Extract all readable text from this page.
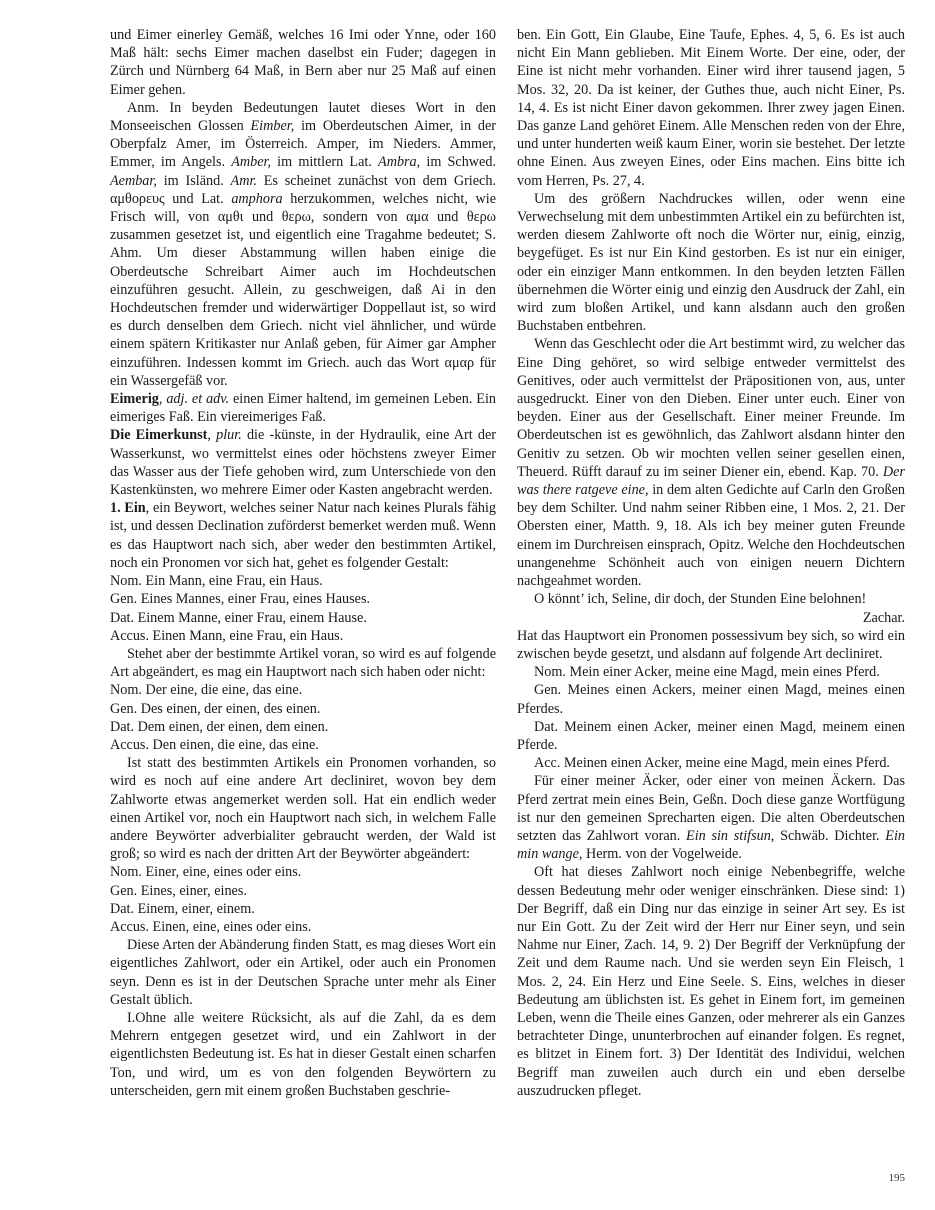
und Eimer einerley Gemäß, welches 16 Imi oder Ynne, oder 160 Maß hält: sechs Eimer machen daselbst ein Fuder; dagegen in Zürch und Nürnberg 64 Maß, in Bern aber nur 25 Maß auf einen Eimer gehen.

Anm. In beyden Bedeutungen lautet dieses Wort in den Monseeischen Glossen Eimber, im Oberdeutschen Aimer, in der Oberpfalz Amer, im Österreich. Amper, im Nieders. Ammer, Emmer, im Angels. Amber, im mittlern Lat. Ambra, im Schwed. Aembar, im Isländ. Amr. Es scheinet zunächst von dem Griech. αμθορευς und Lat. amphora herzukommen, welches nicht, wie Frisch will, von αμθι und θερω, sondern von αμα und θερω zusammen gesetzet ist, und eigentlich eine Tragahme bedeutet; S. Ahm. Um dieser Abstammung willen haben einige die Oberdeutsche Schreibart Aimer auch im Hochdeutschen einzuführen gesucht. Allein, zu geschweigen, daß Ai in den Hochdeutschen fremder und widerwärtiger Doppellaut ist, so wird es durch denselben dem Griech. nicht viel ähnlicher, und würde einem spätern Kritikaster nur Anlaß geben, für Aimer gar Ampher einzuführen. Indessen kommt im Griech. auch das Wort αμαρ für ein Wassergefäß vor.

Eimerig, adj. et adv. einen Eimer haltend, im gemeinen Leben. Ein eimeriges Faß. Ein viereimeriges Faß.

Die Eimerkunst, plur. die -künste, in der Hydraulik, eine Art der Wasserkunst, wo vermittelst eines oder höchstens zweyer Eimer das Wasser aus der Tiefe gehoben wird, zum Unterschiede von den Kastenkünsten, wo mehrere Eimer oder Kasten angebracht werden.

1. Ein, ein Beywort, welches seiner Natur nach keines Plurals fähig ist, und dessen Declination zuförderst bemerket werden muß. Wenn es das Hauptwort nach sich, aber weder den bestimmten Artikel, noch ein Pronomen vor sich hat, gehet es folgender Gestalt:

Nom. Ein Mann, eine Frau, ein Haus.

Gen. Eines Mannes, einer Frau, eines Hauses.

Dat. Einem Manne, einer Frau, einem Hause.

Accus. Einen Mann, eine Frau, ein Haus.

Stehet aber der bestimmte Artikel voran, so wird es auf folgende Art abgeändert, es mag ein Hauptwort nach sich haben oder nicht:

Nom. Der eine, die eine, das eine.

Gen. Des einen, der einen, des einen.

Dat. Dem einen, der einen, dem einen.

Accus. Den einen, die eine, das eine.

Ist statt des bestimmten Artikels ein Pronomen vorhanden, so wird es noch auf eine andere Art decliniret, wovon bey dem Zahlworte etwas angemerket werden soll. Hat ein endlich weder einen Artikel vor, noch ein Hauptwort nach sich, in welchem Falle andere Beywörter adverbialiter gebraucht werden, der Wald ist groß; so wird es nach der dritten Art der Beywörter abgeändert:

Nom. Einer, eine, eines oder eins.

Gen. Eines, einer, eines.

Dat. Einem, einer, einem.

Accus. Einen, eine, eines oder eins.

Diese Arten der Abänderung finden Statt, es mag dieses Wort ein eigentliches Zahlwort, oder ein Artikel, oder auch ein Pronomen seyn. Denn es ist in der Deutschen Sprache unter mehr als Einer Gestalt üblich.

I.Ohne alle weitere Rücksicht, als auf die Zahl, da es dem Mehrern entgegen gesetzet wird, und ein Zahlwort in der eigentlichsten Bedeutung ist. Es hat in dieser Gestalt einen scharfen Ton, und wird, um es von den folgenden Beywörtern zu unterscheiden, gern mit einem großen Buchstaben geschrie-

ben. Ein Gott, Ein Glaube, Eine Taufe, Ephes. 4, 5, 6. Es ist auch nicht Ein Mann geblieben. Mit Einem Worte. Der eine, oder, der Eine ist nicht mehr vorhanden. Einer wird ihrer tausend jagen, 5 Mos. 32, 20. Da ist keiner, der Guthes thue, auch nicht Einer, Ps. 14, 4. Es ist nicht Einer davon gekommen. Ihrer zwey jagen Einen. Das ganze Land gehöret Einem. Alle Menschen reden von der Ehre, und unter hunderten weiß kaum Einer, worin sie bestehet. Der letzte ohne Einen. Aus zweyen Eines, oder Eins machen. Eins bitte ich vom Herren, Ps. 27, 4.

Um des größern Nachdruckes willen, oder wenn eine Verwechselung mit dem unbestimmten Artikel ein zu befürchten ist, werden diesem Zahlworte oft noch die Wörter nur, einig, einzig, beygefüget. Es ist nur Ein Kind gestorben. Es ist nur ein einiger, oder ein einziger Mann entkommen. In den beyden letzten Fällen übernehmen die Wörter einig und einzig den Ausdruck der Zahl, ein wird zum bloßen Artikel, und kann alsdann auch den großen Buchstaben entbehren.

Wenn das Geschlecht oder die Art bestimmt wird, zu welcher das Eine Ding gehöret, so wird selbige entweder vermittelst des Genitives, oder auch vermittelst der Präpositionen von, aus, unter ausgedruckt. Einer von den Dieben. Einer unter euch. Einer von beyden. Einer aus der Gesellschaft. Einer meiner Freunde. Im Oberdeutschen ist es gewöhnlich, das Zahlwort alsdann hinter den Genitiv zu setzen. Ob wir mochten vellen seiner gesellen einen, Theuerd. Rüfft darauf zu im seiner Diener ein, ebend. Kap. 70. Der was there ratgeve eine, in dem alten Gedichte auf Carln den Großen bey dem Schilter. Und nahm seiner Ribben eine, 1 Mos. 2, 21. Der Obersten einer, Matth. 9, 18. Als ich bey meiner guten Freunde einem im Durchreisen einsprach, Opitz. Welche den Hochdeutschen unangenehme Schönheit auch von einigen neuern Dichtern nachgeahmet worden.

O könnt’ ich, Seline, dir doch, der Stunden Eine belohnen!

Zachar.

Hat das Hauptwort ein Pronomen possessivum bey sich, so wird ein zwischen beyde gesetzt, und alsdann auf folgende Art decliniret.

Nom. Mein einer Acker, meine eine Magd, mein eines Pferd.

Gen. Meines einen Ackers, meiner einen Magd, meines einen Pferdes.

Dat. Meinem einen Acker, meiner einen Magd, meinem einen Pferde.

Acc. Meinen einen Acker, meine eine Magd, mein eines Pferd.

Für einer meiner Äcker, oder einer von meinen Äckern. Das Pferd zertrat mein eines Bein, Geßn. Doch diese ganze Wortfügung ist nur den gemeinen Sprecharten eigen. Die alten Oberdeutschen setzten das Zahlwort voran. Ein sin stifsun, Schwäb. Dichter. Ein min wange, Herm. von der Vogelweide.

Oft hat dieses Zahlwort noch einige Nebenbegriffe, welche dessen Bedeutung mehr oder weniger einschränken. Diese sind: 1) Der Begriff, daß ein Ding nur das einzige in seiner Art sey. Es ist nur Ein Gott. Zu der Zeit wird der Herr nur Einer seyn, und sein Nahme nur Einer, Zach. 14, 9. 2) Der Begriff der Verknüpfung der Zeit und dem Raume nach. Und sie werden seyn Ein Fleisch, 1 Mos. 2, 24. Ein Herz und Eine Seele. S. Eins, welches in dieser Bedeutung am üblichsten ist. Es gehet in Einem fort, im gemeinen Leben, wenn die Theile eines Ganzen, oder mehrerer als ein Ganzes betrachteter Dinge, ununterbrochen auf einander folgen. Es regnet, es blitzet in Einem fort. 3) Der Identität des Individui, welchen Begriff man zuweilen auch durch ein und eben derselbe auszudrucken pfleget.

195
